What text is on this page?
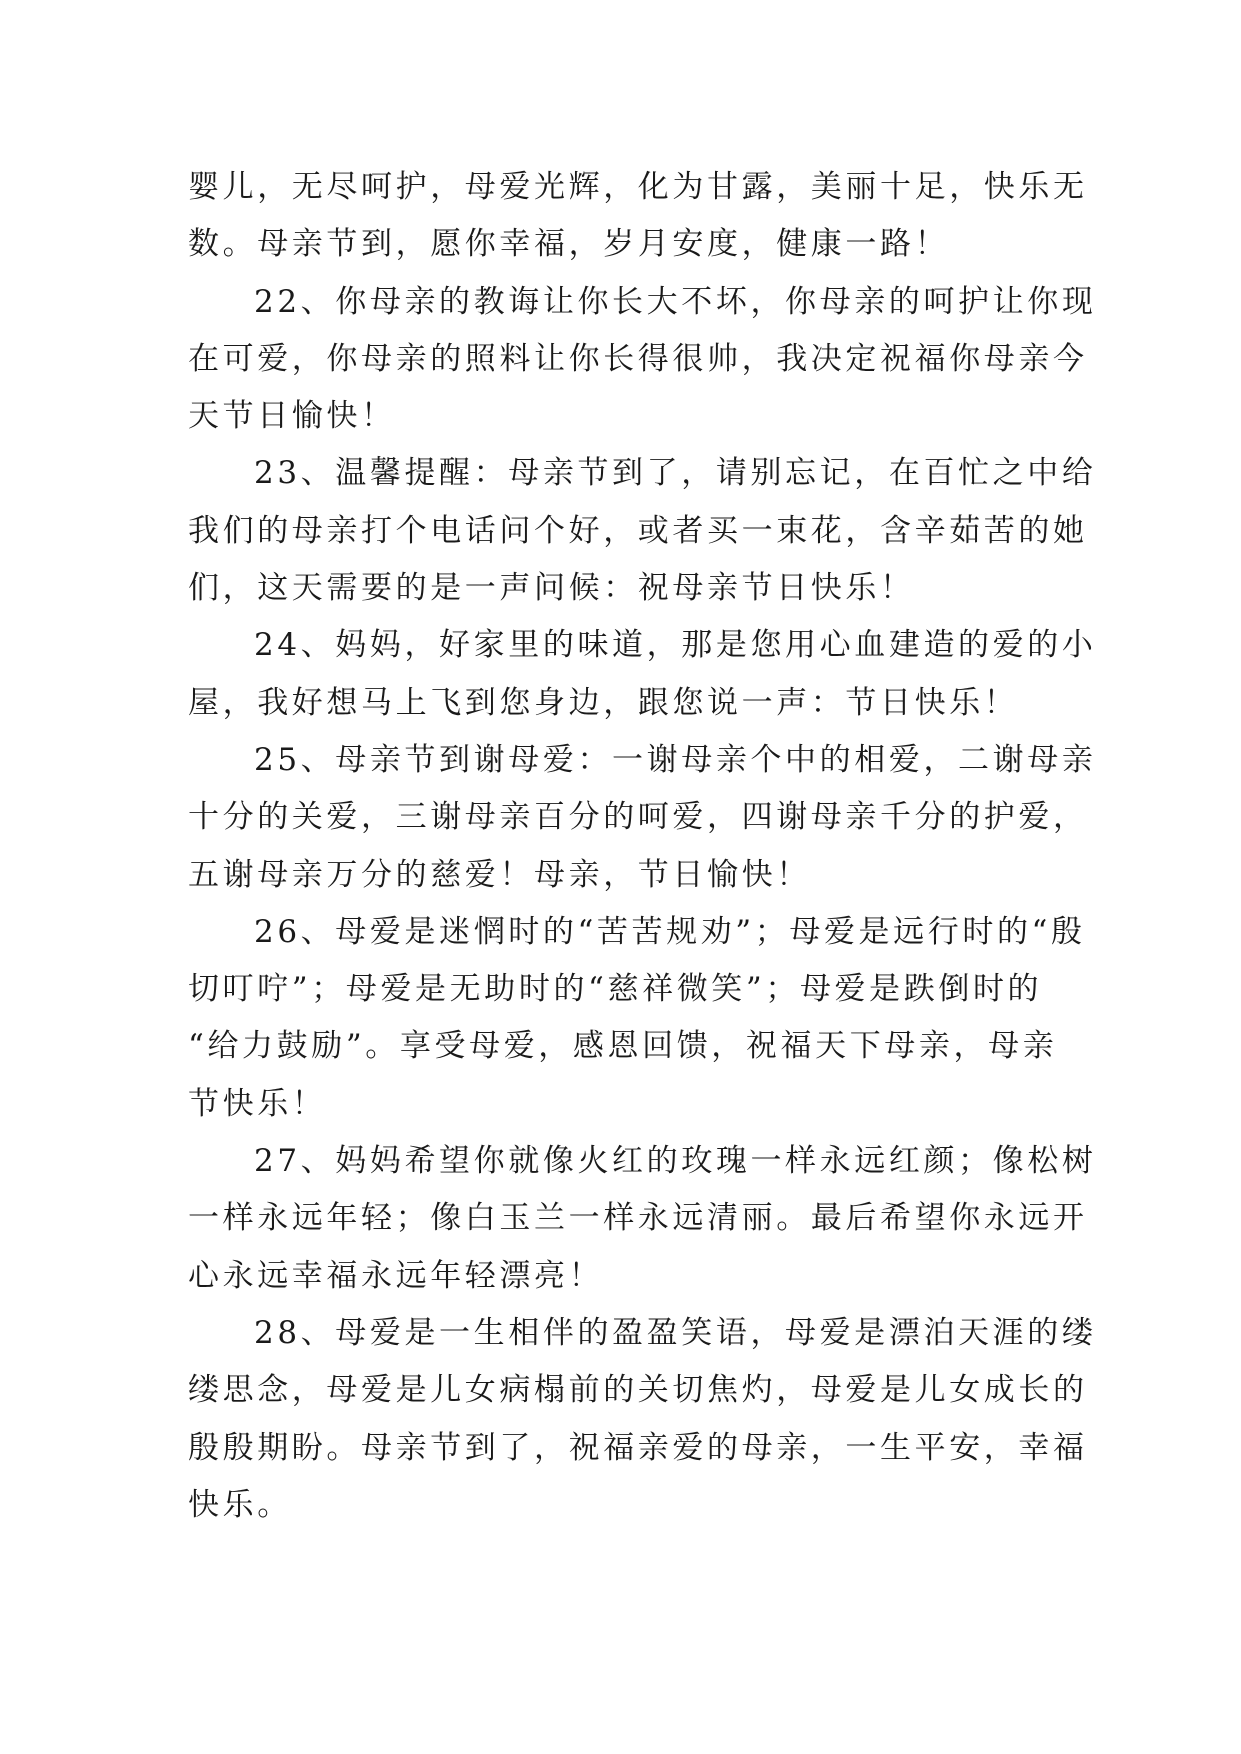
婴儿，无尽呵护，母爱光辉，化为甘露，美丽十足，快乐无
数。母亲节到，愿你幸福，岁月安度，健康一路！
22、你母亲的教诲让你长大不坏，你母亲的呵护让你现
在可爱，你母亲的照料让你长得很帅，我决定祝福你母亲今
天节日愉快！
23、温馨提醒：母亲节到了，请别忘记，在百忙之中给
我们的母亲打个电话问个好，或者买一束花，含辛茹苦的她
们，这天需要的是一声问候：祝母亲节日快乐！
24、妈妈，好家里的味道，那是您用心血建造的爱的小
屋，我好想马上飞到您身边，跟您说一声：节日快乐！
25、母亲节到谢母爱：一谢母亲个中的相爱，二谢母亲
十分的关爱，三谢母亲百分的呵爱，四谢母亲千分的护爱，
五谢母亲万分的慈爱！母亲，节日愉快！
26、母爱是迷惘时的“苦苦规劝”；母爱是远行时的“殷
切叮咛”；母爱是无助时的“慈祥微笑”；母爱是跌倒时的
“给力鼓励”。享受母爱，感恩回馈，祝福天下母亲，母亲
节快乐！
27、妈妈希望你就像火红的玫瑰一样永远红颜；像松树
一样永远年轻；像白玉兰一样永远清丽。最后希望你永远开
心永远幸福永远年轻漂亮！
28、母爱是一生相伴的盈盈笑语，母爱是漂泊天涯的缕
缕思念，母爱是儿女病榻前的关切焦灼，母爱是儿女成长的
殷殷期盼。母亲节到了，祝福亲爱的母亲，一生平安，幸福
快乐。
